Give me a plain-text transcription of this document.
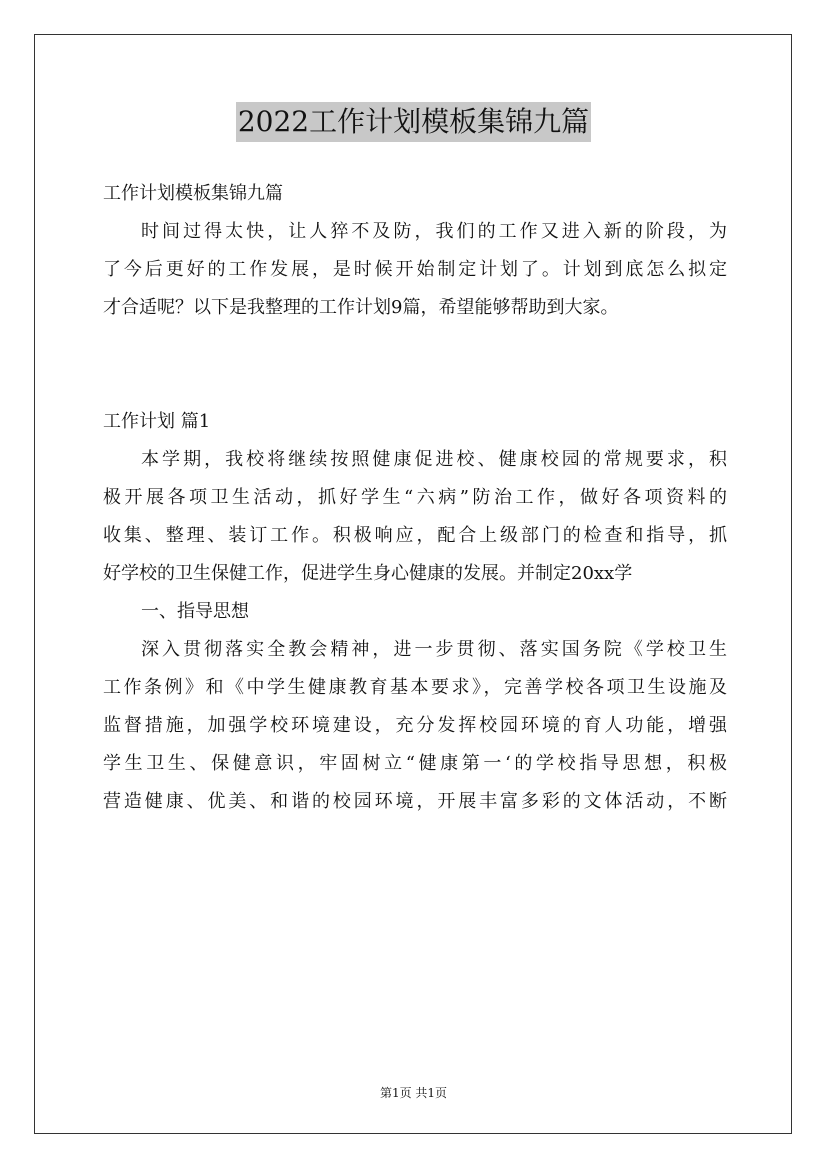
2022工作计划模板集锦九篇
工作计划模板集锦九篇
时间过得太快，让人猝不及防，我们的工作又进入新的阶段，为
了今后更好的工作发展，是时候开始制定计划了。计划到底怎么拟定
才合适呢？以下是我整理的工作计划9篇，希望能够帮助到大家。
工作计划 篇1
本学期，我校将继续按照健康促进校、健康校园的常规要求，积
极开展各项卫生活动，抓好学生“六病”防治工作，做好各项资料的
收集、整理、装订工作。积极响应，配合上级部门的检查和指导，抓
好学校的卫生保健工作，促进学生身心健康的发展。并制定20xx学
一、指导思想
深入贯彻落实全教会精神，进一步贯彻、落实国务院《学校卫生
工作条例》和《中学生健康教育基本要求》，完善学校各项卫生设施及
监督措施，加强学校环境建设，充分发挥校园环境的育人功能，增强
学生卫生、保健意识，牢固树立“健康第一‘的学校指导思想，积极
营造健康、优美、和谐的校园环境，开展丰富多彩的文体活动，不断
第1页 共1页
